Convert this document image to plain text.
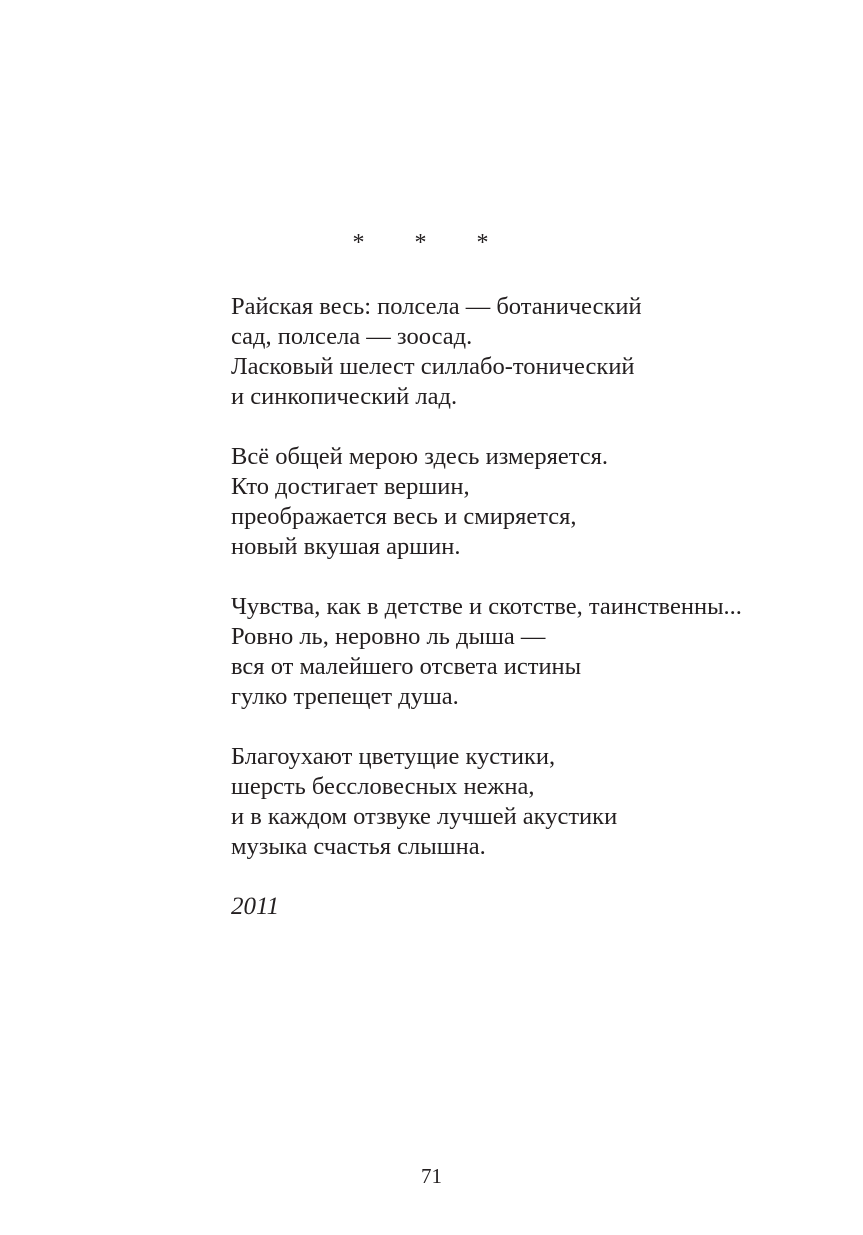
* * *
Райская весь: полсела — ботанический
сад, полсела — зоосад.
Ласковый шелест силлабо-тонический
и синкопический лад.
Всё общей мерою здесь измеряется.
Кто достигает вершин,
преображается весь и смиряется,
новый вкушая аршин.
Чувства, как в детстве и скотстве, таинственны...
Ровно ль, неровно ль дыша —
вся от малейшего отсвета истины
гулко трепещет душа.
Благоухают цветущие кустики,
шерсть бессловесных нежна,
и в каждом отзвуке лучшей акустики
музыка счастья слышна.
2011
71
